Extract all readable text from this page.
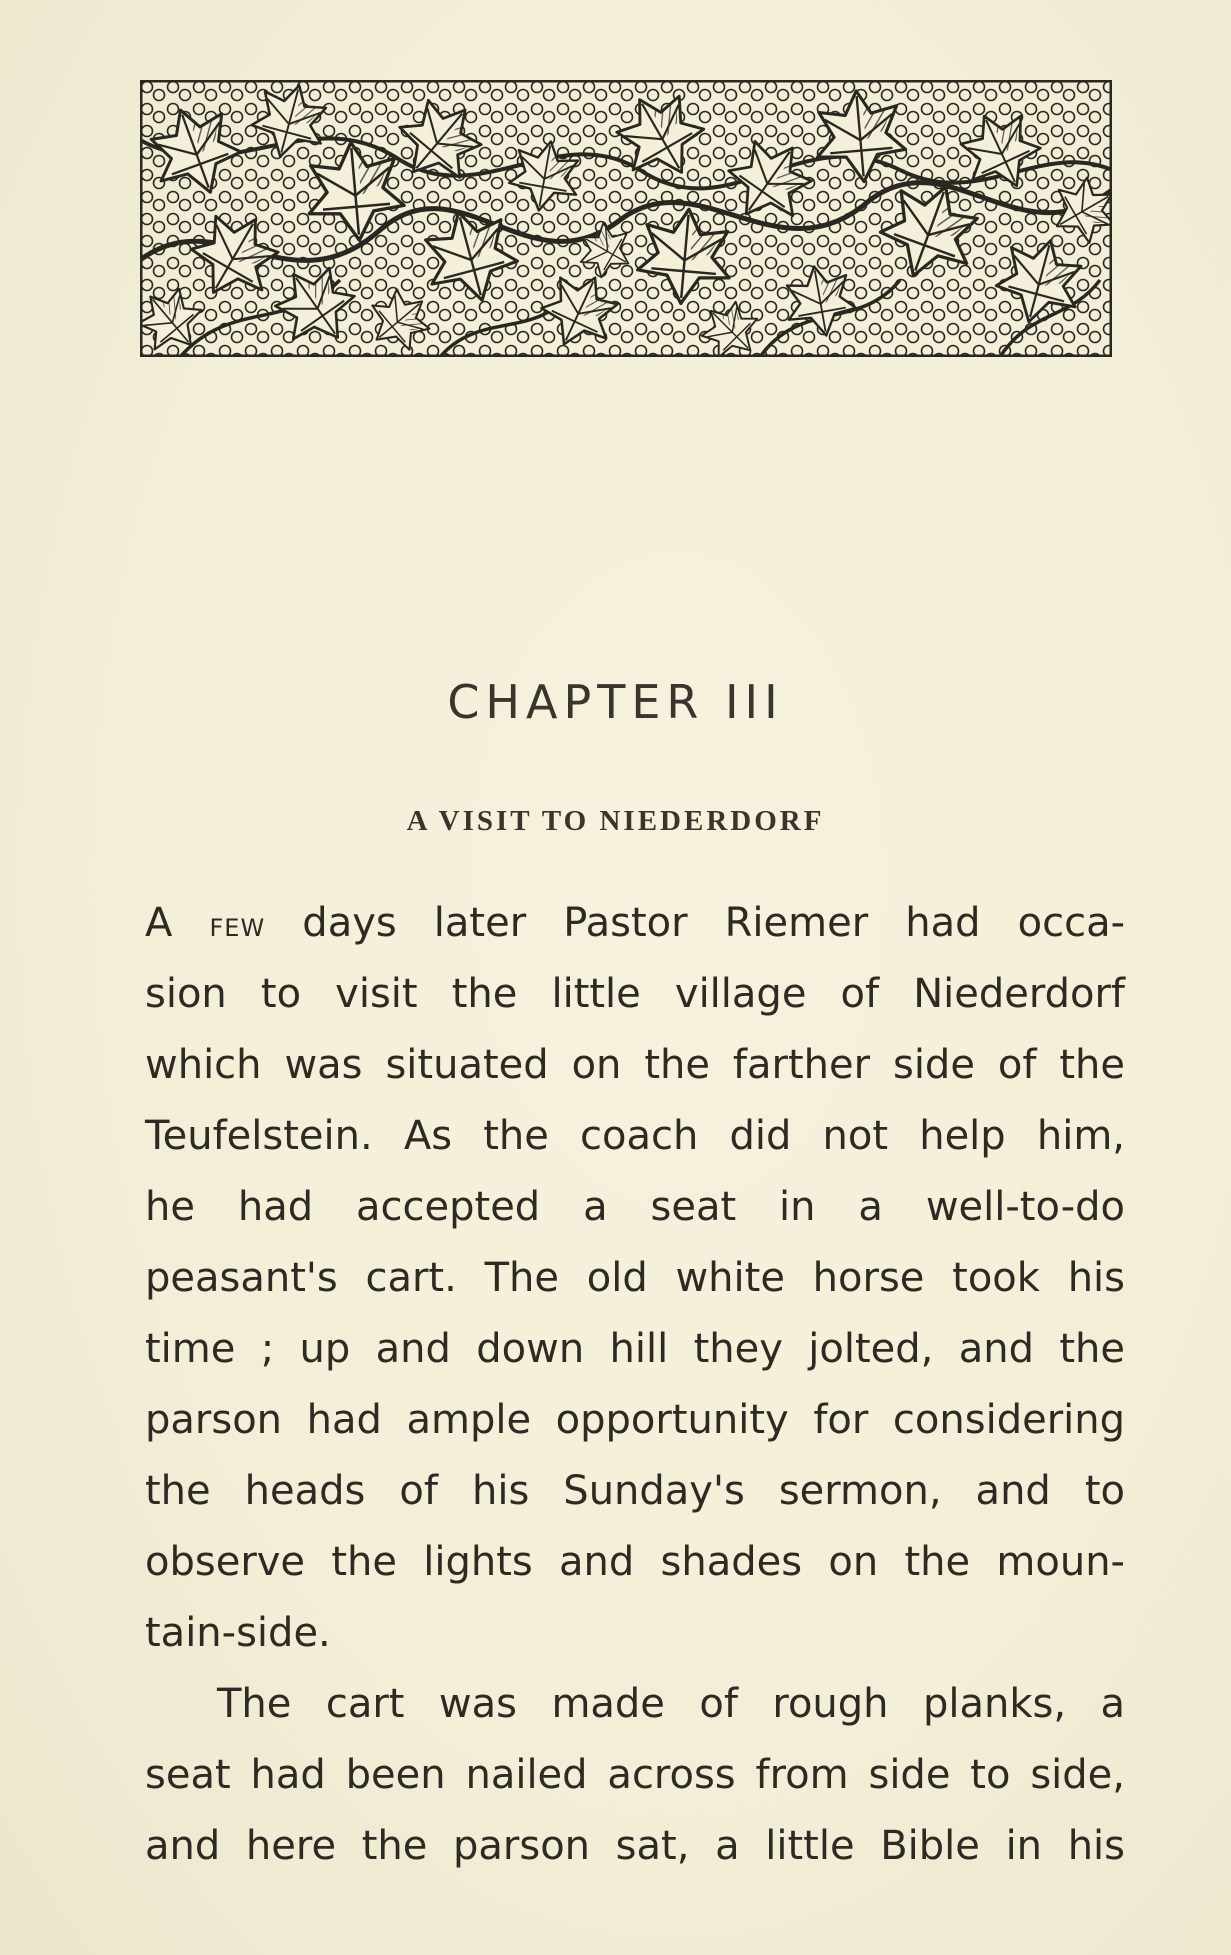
CHAPTER III
A VISIT TO NIEDERDORF
A few days later Pastor Riemer had occa-
sion to visit the little village of Niederdorf
which was situated on the farther side of the
Teufelstein. As the coach did not help him,
he had accepted a seat in a well-to-do
peasant's cart. The old white horse took his
time ; up and down hill they jolted, and the
parson had ample opportunity for considering
the heads of his Sunday's sermon, and to
observe the lights and shades on the moun-
tain-side.
The cart was made of rough planks, a
seat had been nailed across from side to side,
and here the parson sat, a little Bible in his
